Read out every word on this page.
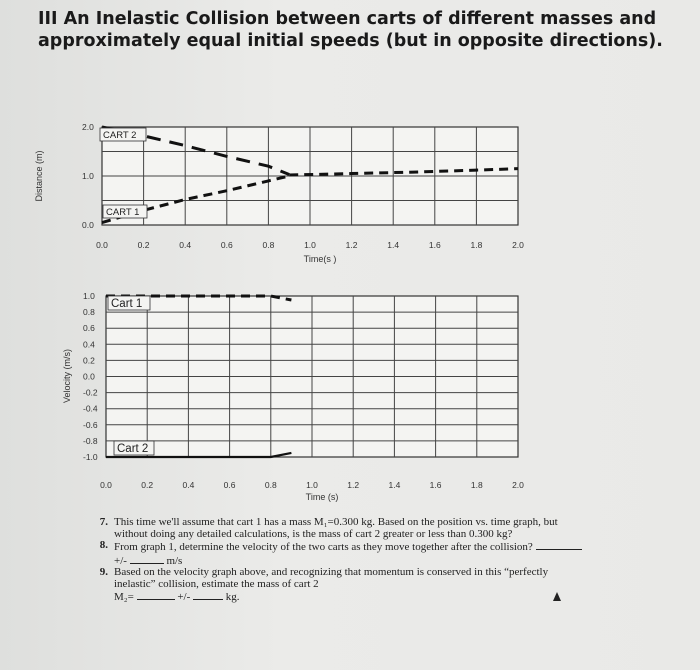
III An Inelastic Collision between carts of different masses and
approximately equal initial speeds (but in opposite directions).
0.0	0.2	0.4	0.6	0.8	1.0	1.2	1.4	1.6	1.8	2.0
0.0
1.0
2.0
Time(s )
Distance (m)
CART 2
CART 1
0.0	0.2	0.4	0.6	0.8	1.0	1.2	1.4	1.6	1.8	2.0
1.0
0.8
0.6
0.4
0.2
0.0
-0.2
-0.4
-0.6
-0.8
-1.0
Time (s)
Velocity (m/s)
Cart 1
Cart 2
7. This time we'll assume that cart 1 has a mass M₁=0.300 kg. Based on the position vs. time graph, but without doing any detailed calculations, is the mass of cart 2 greater or less than 0.300 kg?
8. From graph 1, determine the velocity of the two carts as they move together after the collision?  +/-	m/s
9. Based on the velocity graph above, and recognizing that momentum is conserved in this “perfectly inelastic” collision, estimate the mass of cart 2
M₂=	+/-	kg.
